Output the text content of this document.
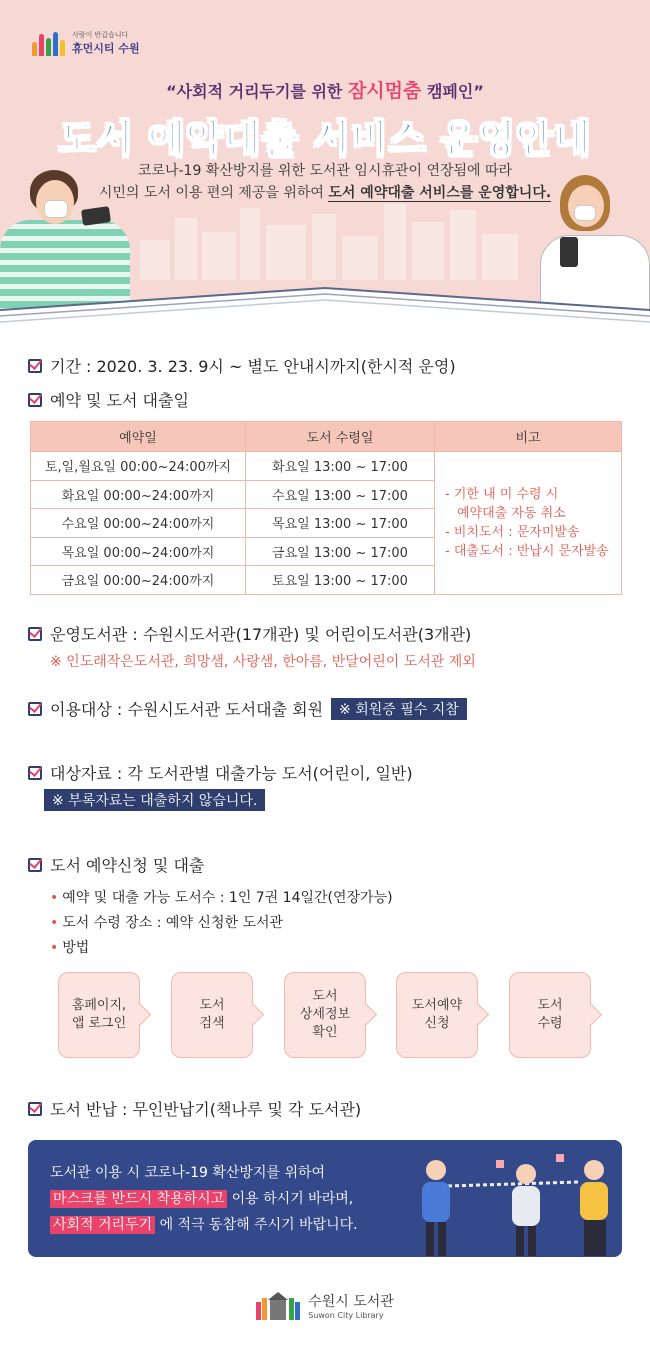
사람이 반갑습니다
휴먼시티 수원
“사회적 거리두기를 위한 잠시멈춤 캠페인”
도서 예약대출 서비스 운영안내
코로나-19 확산방지를 위한 도서관 임시휴관이 연장됨에 따라
시민의 도서 이용 편의 제공을 위하여 도서 예약대출 서비스를 운영합니다.
기간 : 2020. 3. 23. 9시 ~ 별도 안내시까지(한시적 운영)
예약 및 도서 대출일
예약일	도서 수령일	비고
토,일,월요일 00:00~24:00까지	화요일 13:00 ~ 17:00	- 기한 내 미 수령 시
예약대출 자동 취소
- 비치도서 : 문자미발송
- 대출도서 : 반납시 문자발송

화요일 00:00~24:00까지	수요일 13:00 ~ 17:00	
수요일 00:00~24:00까지	목요일 13:00 ~ 17:00	
목요일 00:00~24:00까지	금요일 13:00 ~ 17:00	
금요일 00:00~24:00까지	토요일 13:00 ~ 17:00	
운영도서관 : 수원시도서관(17개관) 및 어린이도서관(3개관)
※ 인도래작은도서관, 희망샘, 사랑샘, 한아름, 반달어린이 도서관 제외
이용대상 : 수원시도서관 도서대출 회원	※ 회원증 필수 지참
대상자료 : 각 도서관별 대출가능 도서(어린이, 일반)
※ 부록자료는 대출하지 않습니다.
도서 예약신청 및 대출
• 예약 및 대출 가능 도서수 : 1인 7권 14일간(연장가능)
• 도서 수령 장소 : 예약 신청한 도서관
• 방법
홈페이지,
앱 로그인
도서
검색
도서
상세정보
확인
도서예약
신청
도서
수령
도서 반납 : 무인반납기(책나루 및 각 도서관)
도서관 이용 시 코로나-19 확산방지를 위하여
마스크를 반드시 착용하시고 이용 하시기 바라며,
사회적 거리두기 에 적극 동참해 주시기 바랍니다.
수원시 도서관
Suwon City Library
